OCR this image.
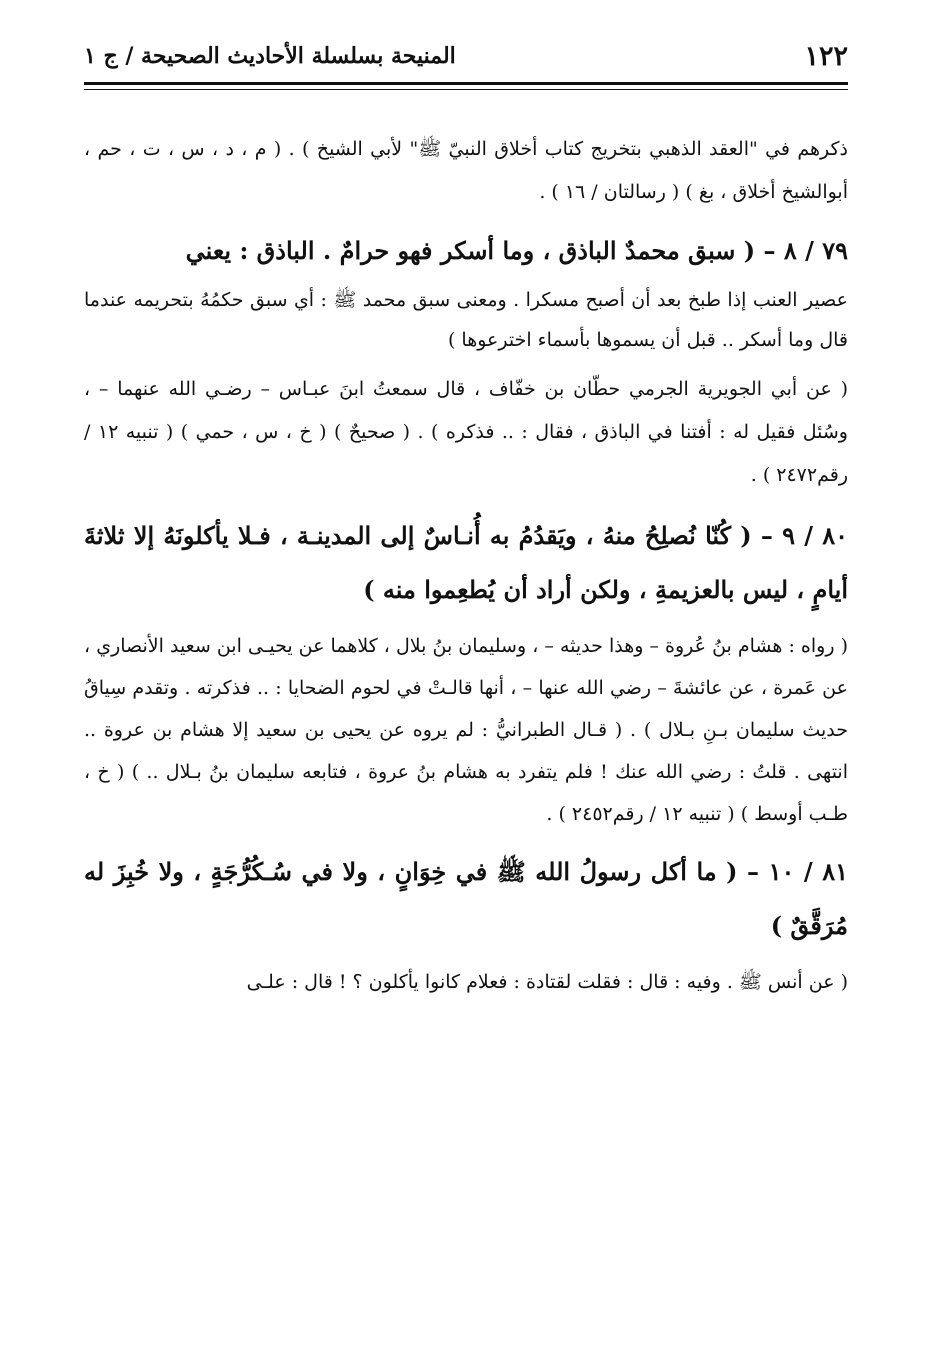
١٢٢
المنيحة بسلسلة الأحاديث الصحيحة / ج ١

ذكرهم في "العقد الذهبي بتخريج كتاب أخلاق النبيّ ﷺ" لأبي الشيخ ) . ( م ، د ، س ، ت ، حم ، أبوالشيخ أخلاق ، بغ ) ( رسالتان / ١٦ ) .

٧٩ / ٨ – ( سبق محمدٌ الباذق ، وما أسكر فهو حرامٌ . الباذق : يعني

عصير العنب إذا طبخ بعد أن أصبح مسكرا . ومعنى سبق محمد ﷺ : أي سبق حكمُهُ بتحريمه عندما قال وما أسكر .. قبل أن يسموها بأسماء اخترعوها )

( عن أبي الجويرية الجرمي حطّان بن خفّاف ، قال سمعتُ ابنَ عبـاس – رضـي الله عنهما – ، وسُئل فقيل له : أفتنا في الباذق ، فقال : .. فذكره ) . ( صحيحٌ ) ( خ ، س ، حمي ) ( تنبيه ١٢ / رقم٢٤٧٢ ) .

٨٠ / ٩ – ( كُنّا نُصلِحُ منهُ ، ويَقدُمُ به أُنـاسٌ إلى المدينـة ، فـلا يأكلونَهُ إلا ثلاثةَ أيامٍ ، ليس بالعزيمةِ ، ولكن أراد أن يُطعِموا منه )

( رواه : هشام بنُ عُروة – وهذا حديثه – ، وسليمان بنُ بلال ، كلاهما عن يحيـى ابن سعيد الأنصاري ، عن عَمرة ، عن عائشةَ – رضي الله عنها – ، أنها قالـتْ في لحوم الضحايا : .. فذكرته . وتقدم سِياقُ حديث سليمان بـنِ بـلال ) . ( قـال الطبرانيُّ : لم يروه عن يحيى بن سعيد إلا هشام بن عروة .. انتهى . قلتُ : رضي الله عنك ! فلم يتفرد به هشام بنُ عروة ، فتابعه سليمان بنُ بـلال .. ) ( خ ، طـب أوسط ) ( تنبيه ١٢ / رقم٢٤٥٢ ) .

٨١ / ١٠ – ( ما أكل رسولُ الله ﷺ في خِوَانٍ ، ولا في سُـكُرُّجَةٍ ، ولا خُبِزَ له مُرَقَّقٌ )

( عن أنس ﷺ . وفيه : قال : فقلت لقتادة : فعلام كانوا يأكلون ؟ ! قال : علـى
